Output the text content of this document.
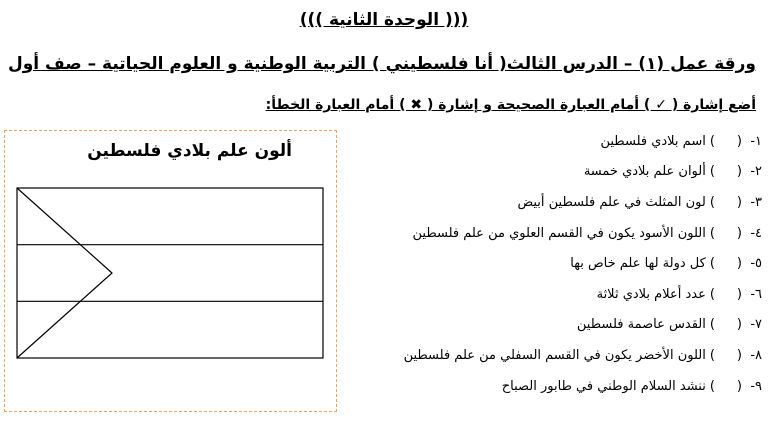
((( الوحدة الثانية )))
ورقة عمل (١) – الدرس الثالث( أنا فلسطيني ) التربية الوطنية و العلوم الحياتية – صف أول
أضع إشارة ( ✓ ) أمام العبارة الصحيحة و إشارة ( ✖ ) أمام العبارة الخطأ:
ألون علم بلادي فلسطين	١-
(
)
اسم بلادي فلسطين
٢-
(
)
ألوان علم بلادي خمسة
٣-
(
)
لون المثلث في علم فلسطين أبيض
٤-
(
)
اللون الأسود يكون في القسم العلوي من علم فلسطين
٥-
(
)
كل دولة لها علم خاص بها
٦-
(
)
عدد أعلام بلادي ثلاثة
٧-
(
)
القدس عاصمة فلسطين
٨-
(
)
اللون الأخضر يكون في القسم السفلي من علم فلسطين
٩-
(
)
ننشد السلام الوطني في طابور الصباح
